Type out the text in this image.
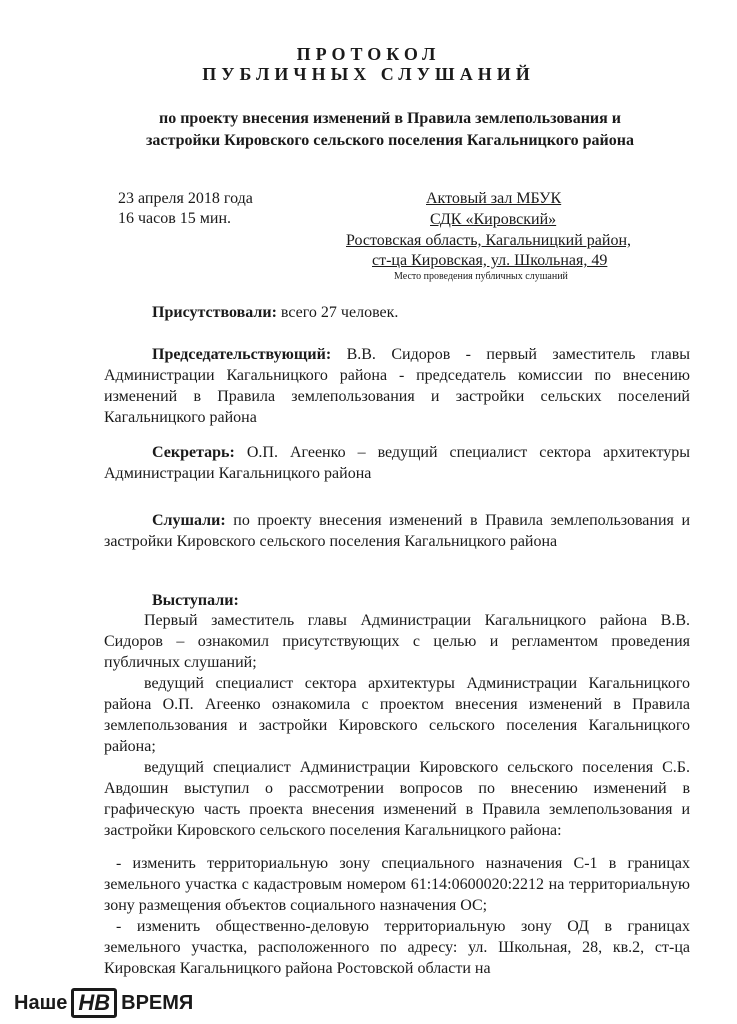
ПРОТОКОЛ
ПУБЛИЧНЫХ СЛУШАНИЙ
по проекту внесения изменений в Правила землепользования и
застройки Кировского сельского поселения Кагальницкого района
23 апреля 2018 года
16 часов 15 мин.
Актовый зал МБУК
СДК «Кировский»
Ростовская область, Кагальницкий район,
ст-ца Кировская, ул. Школьная, 49
Место проведения публичных слушаний
Присутствовали: всего 27 человек.
Председательствующий: В.В. Сидоров - первый заместитель главы Администрации Кагальницкого района - председатель комиссии по внесению изменений в Правила землепользования и застройки сельских поселений Кагальницкого района
Секретарь: О.П. Агеенко – ведущий специалист сектора архитектуры Администрации Кагальницкого района
Слушали: по проекту внесения изменений в Правила землепользования и застройки Кировского сельского поселения Кагальницкого района
Выступали:
Первый заместитель главы Администрации Кагальницкого района В.В. Сидоров – ознакомил присутствующих с целью и регламентом проведения публичных слушаний;
ведущий специалист сектора архитектуры Администрации Кагальницкого района О.П. Агеенко ознакомила с проектом внесения изменений в Правила землепользования и застройки Кировского сельского поселения Кагальницкого района;
ведущий специалист Администрации Кировского сельского поселения С.Б. Авдошин выступил о рассмотрении вопросов по внесению изменений в графическую часть проекта внесения изменений в Правила землепользования и застройки Кировского сельского поселения Кагальницкого района:
- изменить территориальную зону специального назначения С-1 в границах земельного участка с кадастровым номером 61:14:0600020:2212 на территориальную зону размещения объектов социального назначения ОС;
- изменить общественно-деловую территориальную зону ОД в границах земельного участка, расположенного по адресу: ул. Школьная, 28, кв.2, ст-ца Кировская Кагальницкого района Ростовской области на
Наше НВ ВРЕМЯ
